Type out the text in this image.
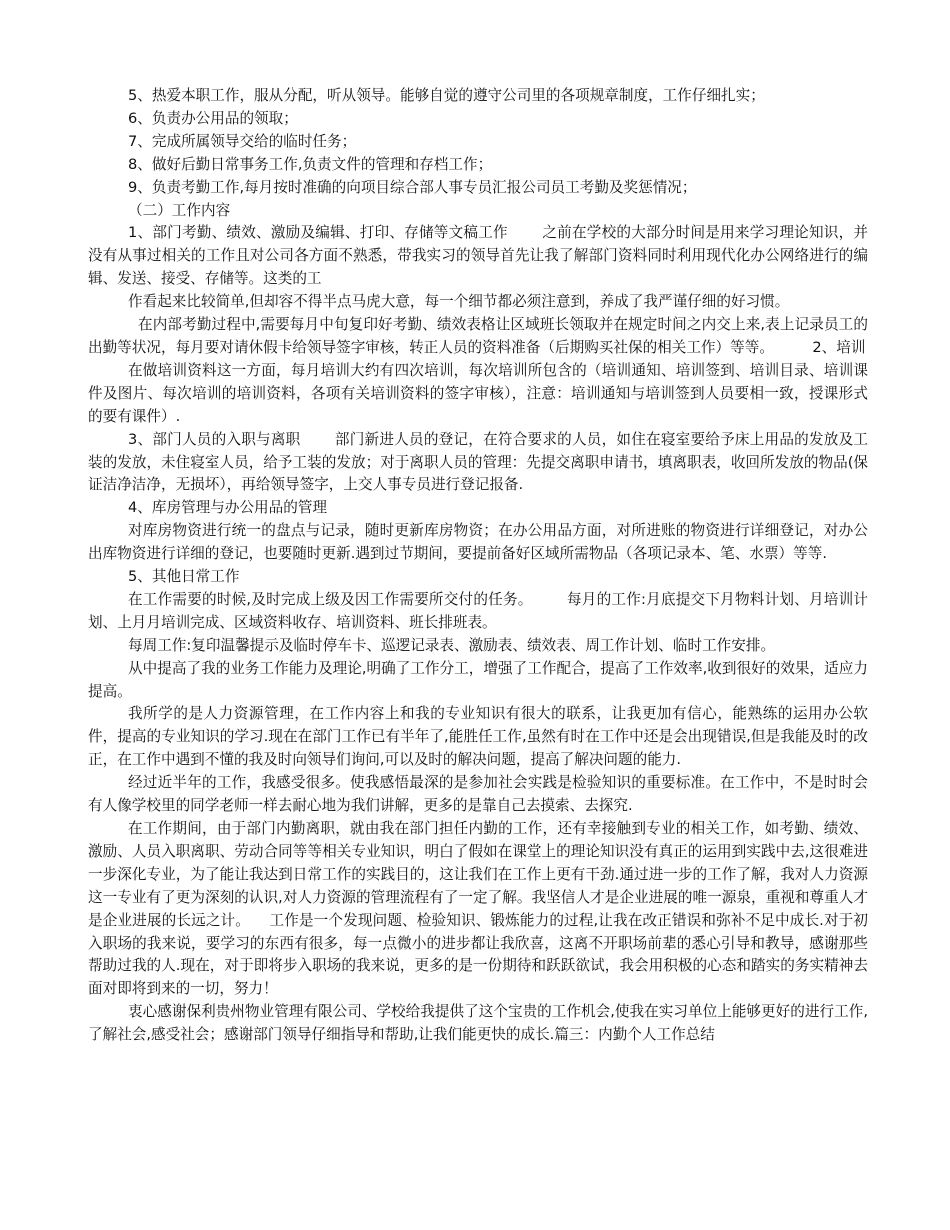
5、热爱本职工作，服从分配，听从领导。能够自觉的遵守公司里的各项规章制度，工作仔细扎实；

6、负责办公用品的领取；

7、完成所属领导交给的临时任务；

8、做好后勤日常事务工作,负责文件的管理和存档工作；

9、负责考勤工作,每月按时准确的向项目综合部人事专员汇报公司员工考勤及奖惩情况；

（二）工作内容

1、部门考勤、绩效、激励及编辑、打印、存储等文稿工作 　　之前在学校的大部分时间是用来学习理论知识，并没有从事过相关的工作且对公司各方面不熟悉，带我实习的领导首先让我了解部门资料同时利用现代化办公网络进行的编辑、发送、接受、存储等。这类的工

作看起来比较简单,但却容不得半点马虎大意，每一个细节都必须注意到，养成了我严谨仔细的好习惯。

在内部考勤过程中,需要每月中旬复印好考勤、绩效表格让区域班长领取并在规定时间之内交上来,表上记录员工的出勤等状况，每月要对请休假卡给领导签字审核，转正人员的资料准备（后期购买社保的相关工作）等等。 　　 2、培训

在做培训资料这一方面，每月培训大约有四次培训，每次培训所包含的（培训通知、培训签到、培训目录、培训课件及图片、每次培训的培训资料，各项有关培训资料的签字审核），注意：培训通知与培训签到人员要相一致，授课形式的要有课件）.

3、部门人员的入职与离职 　　部门新进人员的登记，在符合要求的人员，如住在寝室要给予床上用品的发放及工装的发放，未住寝室人员，给予工装的发放；对于离职人员的管理：先提交离职申请书，填离职表，收回所发放的物品(保证洁净洁净，无损坏），再给领导签字，上交人事专员进行登记报备.

4、库房管理与办公用品的管理

对库房物资进行统一的盘点与记录，随时更新库房物资；在办公用品方面，对所进账的物资进行详细登记，对办公出库物资进行详细的登记，也要随时更新.遇到过节期间，要提前备好区域所需物品（各项记录本、笔、水票）等等.

5、其他日常工作

在工作需要的时候,及时完成上级及因工作需要所交付的任务。 　　每月的工作:月底提交下月物料计划、月培训计划、上月月培训完成、区域资料收存、培训资料、班长排班表。

每周工作:复印温馨提示及临时停车卡、巡逻记录表、激励表、绩效表、周工作计划、临时工作安排。

从中提高了我的业务工作能力及理论,明确了工作分工，增强了工作配合，提高了工作效率,收到很好的效果，适应力提高。

我所学的是人力资源管理，在工作内容上和我的专业知识有很大的联系，让我更加有信心，能熟练的运用办公软件，提高的专业知识的学习.现在在部门工作已有半年了,能胜任工作,虽然有时在工作中还是会出现错误,但是我能及时的改正，在工作中遇到不懂的我及时向领导们询问,可以及时的解决问题，提高了解决问题的能力.

经过近半年的工作，我感受很多。使我感悟最深的是参加社会实践是检验知识的重要标准。在工作中，不是时时会有人像学校里的同学老师一样去耐心地为我们讲解，更多的是靠自己去摸索、去探究.

在工作期间，由于部门内勤离职，就由我在部门担任内勤的工作，还有幸接触到专业的相关工作，如考勤、绩效、激励、人员入职离职、劳动合同等等相关专业知识，明白了假如在课堂上的理论知识没有真正的运用到实践中去,这很难进一步深化专业，为了能让我达到日常工作的实践目的，这让我们在工作上更有干劲.通过进一步的工作了解，我对人力资源这一专业有了更为深刻的认识,对人力资源的管理流程有了一定了解。我坚信人才是企业进展的唯一源泉，重视和尊重人才是企业进展的长远之计。 　工作是一个发现问题、检验知识、锻炼能力的过程,让我在改正错误和弥补不足中成长.对于初入职场的我来说，要学习的东西有很多，每一点微小的进步都让我欣喜，这离不开职场前辈的悉心引导和教导，感谢那些帮助过我的人.现在，对于即将步入职场的我来说，更多的是一份期待和跃跃欲试，我会用积极的心态和踏实的务实精神去面对即将到来的一切，努力！

衷心感谢保利贵州物业管理有限公司、学校给我提供了这个宝贵的工作机会,使我在实习单位上能够更好的进行工作,了解社会,感受社会；感谢部门领导仔细指导和帮助,让我们能更快的成长.篇三：内勤个人工作总结
